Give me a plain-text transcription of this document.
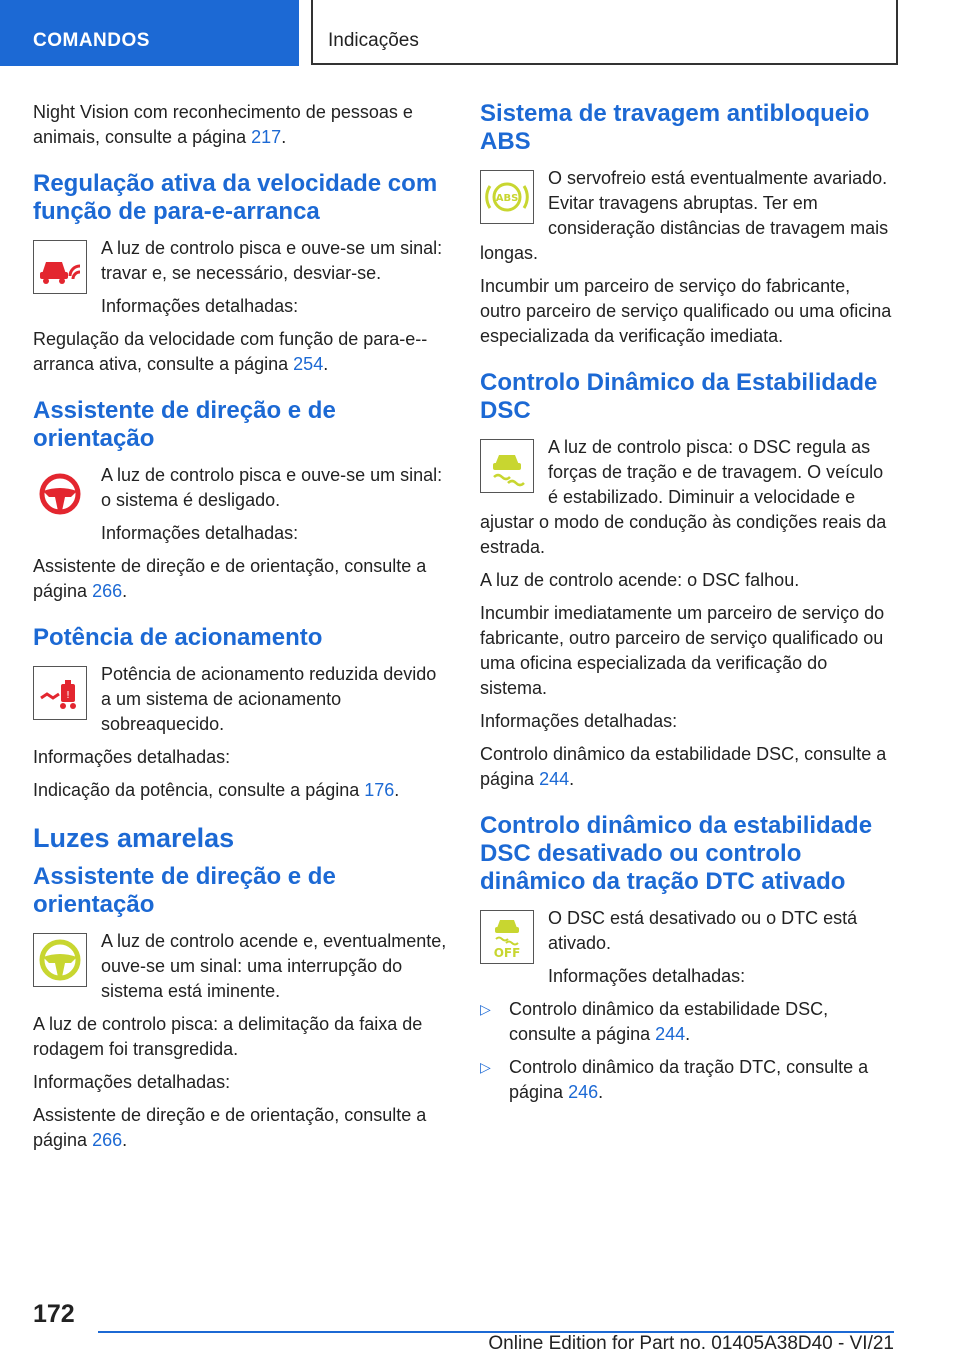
COMANDOS	Indicações

Night Vision com reconhecimento de pessoas e animais, consulte a página 217.

Regulação ativa da velocidade com função de para-e-arranca

A luz de controlo pisca e ouve-se um sinal: travar e, se necessário, desviar-se.

Informações detalhadas:

Regulação da velocidade com função de para-e--arranca ativa, consulte a página 254.

Assistente de direção e de orientação

A luz de controlo pisca e ouve-se um sinal: o sistema é desligado.

Informações detalhadas:

Assistente de direção e de orientação, consulte a página 266.

Potência de acionamento
!

Potência de acionamento reduzida devido a um sistema de acionamento sobreaquecido.

Informações detalhadas:

Indicação da potência, consulte a página 176.

Luzes amarelas
Assistente de direção e de orientação

A luz de controlo acende e, eventualmente, ouve-se um sinal: uma interrupção do sistema está iminente.

A luz de controlo pisca: a delimitação da faixa de rodagem foi transgredida.

Informações detalhadas:

Assistente de direção e de orientação, consulte a página 266.

Sistema de travagem antibloqueio ABS
ABS

O servofreio está eventualmente avariado. Evitar travagens abruptas. Ter em consideração distâncias de travagem mais longas.

Incumbir um parceiro de serviço do fabricante, outro parceiro de serviço qualificado ou uma oficina especializada da verificação imediata.

Controlo Dinâmico da Estabilidade DSC

A luz de controlo pisca: o DSC regula as forças de tração e de travagem. O veículo é estabilizado. Diminuir a velocidade e ajustar o modo de condução às condições reais da estrada.

A luz de controlo acende: o DSC falhou.

Incumbir imediatamente um parceiro de serviço do fabricante, outro parceiro de serviço qualificado ou uma oficina especializada da verificação do sistema.

Informações detalhadas:

Controlo dinâmico da estabilidade DSC, consulte a página 244.

Controlo dinâmico da estabilidade DSC desativado ou controlo dinâmico da tração DTC ativado
OFF

O DSC está desativado ou o DTC está ativado.

Informações detalhadas:

▷ Controlo dinâmico da estabilidade DSC, consulte a página 244.
▷ Controlo dinâmico da tração DTC, consulte a página 246.
172
Online Edition for Part no. 01405A38D40 - VI/21
